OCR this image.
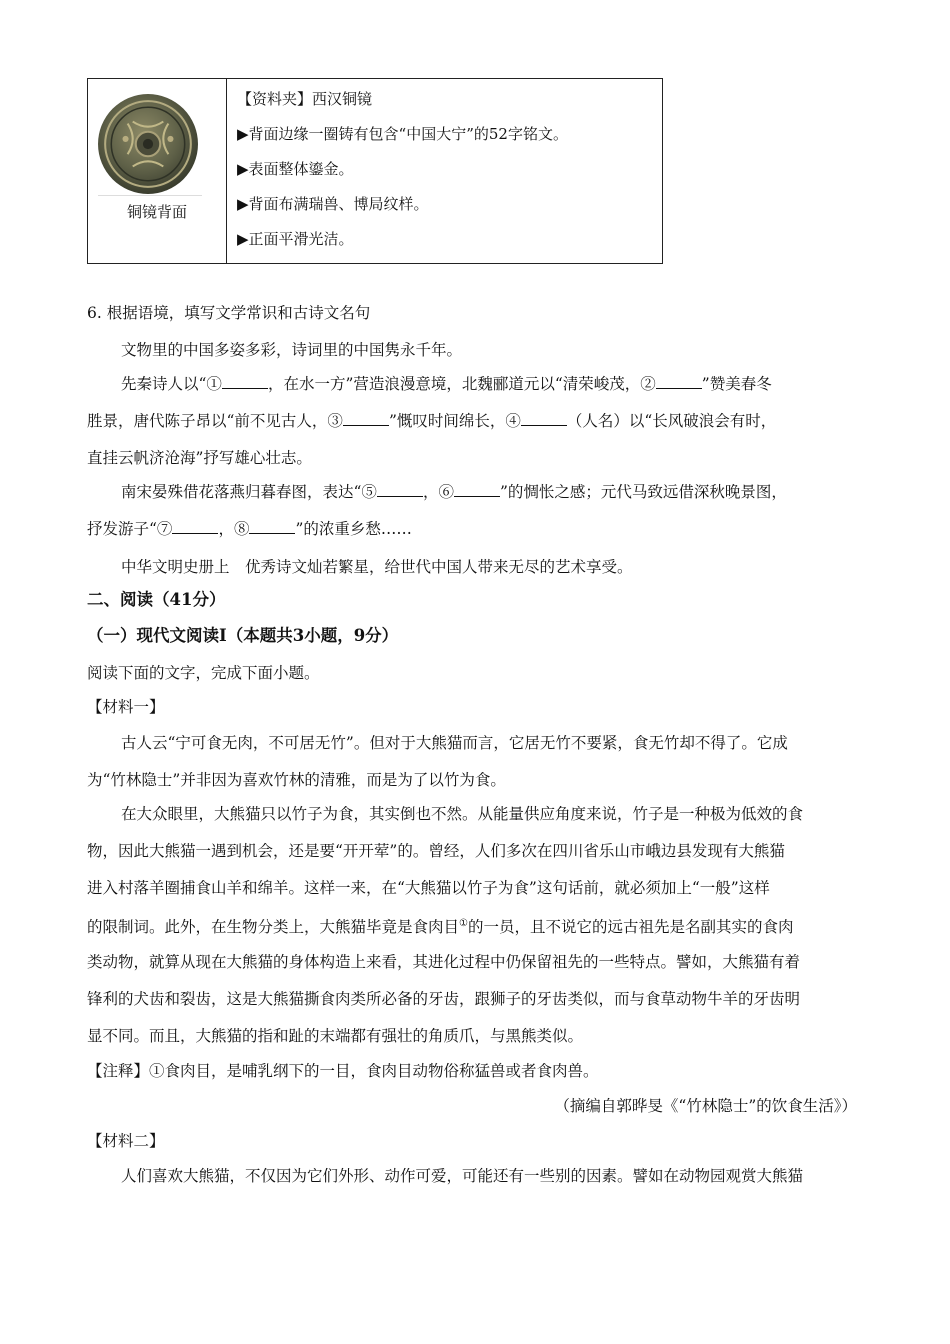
铜镜背面
【资料夹】西汉铜镜
▶背面边缘一圈铸有包含“中国大宁”的52字铭文。
▶表面整体鎏金。
▶背面布满瑞兽、博局纹样。
▶正面平滑光洁。
6. 根据语境，填写文学常识和古诗文名句
文物里的中国多姿多彩，诗词里的中国隽永千年。
先秦诗人以“①	，在水一方”营造浪漫意境，北魏郦道元以“清荣峻茂，②	”赞美春冬
胜景，唐代陈子昂以“前不见古人，③	”慨叹时间绵长，④	（人名）以“长风破浪会有时，
直挂云帆济沧海”抒写雄心壮志。
南宋晏殊借花落燕归暮春图，表达“⑤	，⑥	”的惆怅之感；元代马致远借深秋晚景图，
抒发游子“⑦	，⑧	”的浓重乡愁……
中华文明史册上　优秀诗文灿若繁星，给世代中国人带来无尽的艺术享受。
二、阅读（41分）
（一）现代文阅读Ⅰ（本题共3小题，9分）
阅读下面的文字，完成下面小题。
【材料一】
古人云“宁可食无肉，不可居无竹”。但对于大熊猫而言，它居无竹不要紧，食无竹却不得了。它成
为“竹林隐士”并非因为喜欢竹林的清雅，而是为了以竹为食。
在大众眼里，大熊猫只以竹子为食，其实倒也不然。从能量供应角度来说，竹子是一种极为低效的食
物，因此大熊猫一遇到机会，还是要“开开荤”的。曾经，人们多次在四川省乐山市峨边县发现有大熊猫
进入村落羊圈捕食山羊和绵羊。这样一来，在“大熊猫以竹子为食”这句话前，就必须加上“一般”这样
的限制词。此外，在生物分类上，大熊猫毕竟是食肉目①的一员，且不说它的远古祖先是名副其实的食肉
类动物，就算从现在大熊猫的身体构造上来看，其进化过程中仍保留祖先的一些特点。譬如，大熊猫有着
锋利的犬齿和裂齿，这是大熊猫撕食肉类所必备的牙齿，跟狮子的牙齿类似，而与食草动物牛羊的牙齿明
显不同。而且，大熊猫的指和趾的末端都有强壮的角质爪，与黑熊类似。
【注释】①食肉目，是哺乳纲下的一目，食肉目动物俗称猛兽或者食肉兽。
（摘编自郭晔旻《“竹林隐士”的饮食生活》）
【材料二】
人们喜欢大熊猫，不仅因为它们外形、动作可爱，可能还有一些别的因素。譬如在动物园观赏大熊猫
